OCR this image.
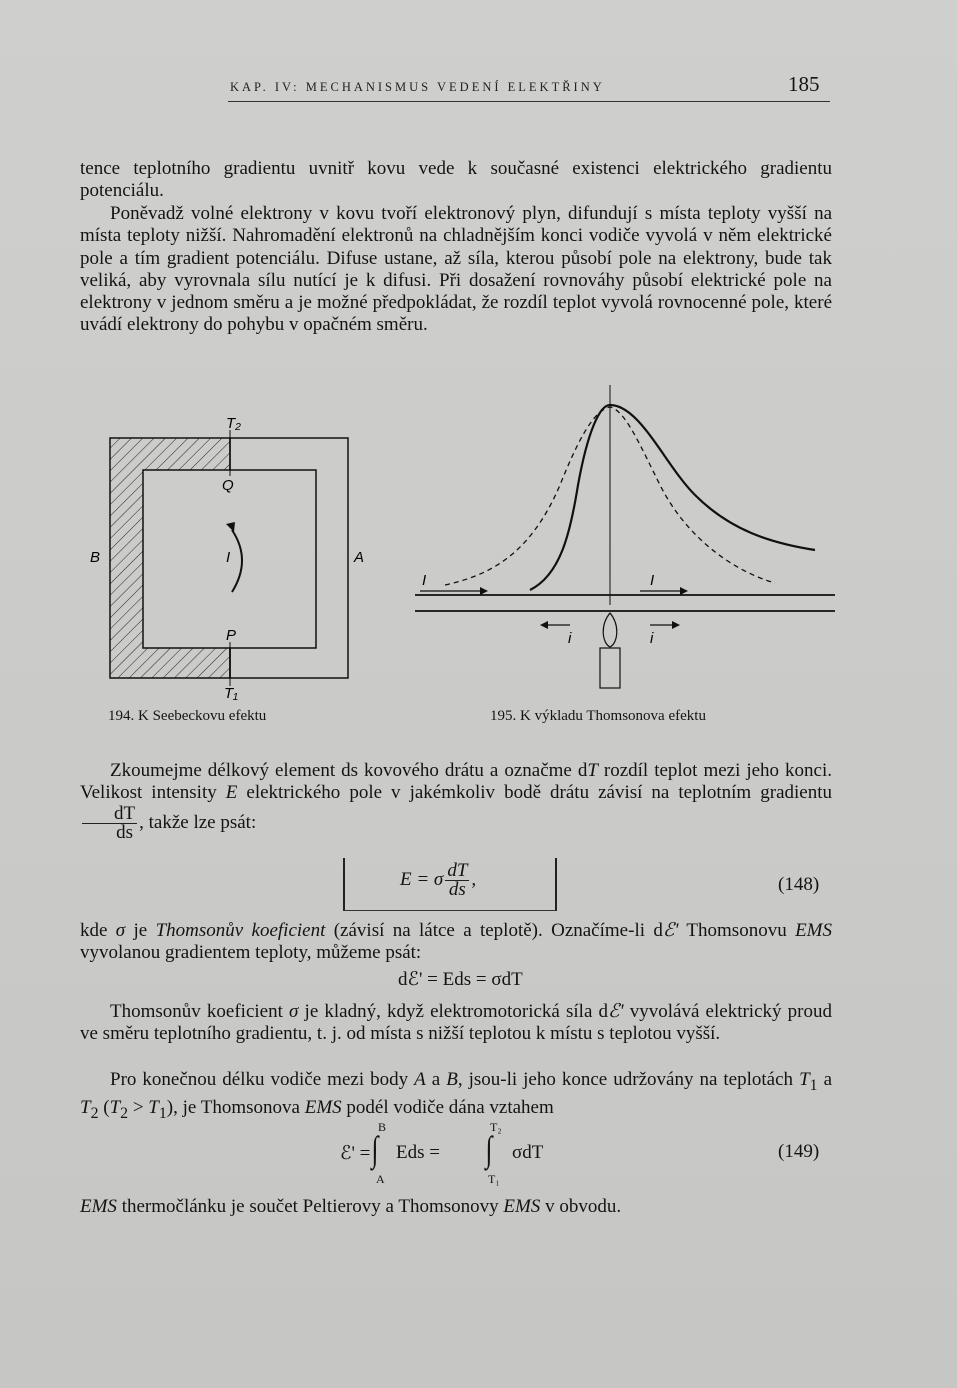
KAP. IV: MECHANISMUS VEDENÍ ELEKTŘINY	185
tence teplotního gradientu uvnitř kovu vede k současné existenci elektrického gradientu potenciálu.
Poněvadž volné elektrony v kovu tvoří elektronový plyn, difundují s místa teploty vyšší na místa teploty nižší. Nahromadění elektronů na chladnějším konci vodiče vyvolá v něm elektrické pole a tím gradient potenciálu. Difuse ustane, až síla, kterou působí pole na elektrony, bude tak veliká, aby vyrovnala sílu nutící je k difusi. Při dosažení rovnováhy působí elektrické pole na elektrony v jednom směru a je možné předpokládat, že rozdíl teplot vyvolá rovnocenné pole, které uvádí elektrony do pohybu v opačném směru.
T₂
Q
B	A
I
P
T₁
I	I
i	i
194. K Seebeckovu efektu	195. K výkladu Thomsonova efektu
Zkoumejme délkový element ds kovového drátu a označme dT rozdíl teplot mezi jeho konci. Velikost intensity E elektrického pole v jakémkoliv bodě drátu závisí na teplotním gradientu
$\frac{dT}{ds}$ , takže lze psát:
E = σ $\frac{dT}{ds}$ ,	(148)
kde σ je Thomsonův koeficient (závisí na látce a teplotě). Označíme-li dℰ' Thomsonovu EMS vyvolanou gradientem teploty, můžeme psát:
dℰ' = Eds = σdT
Thomsonův koeficient σ je kladný, když elektromotorická síla dℰ' vyvolává elektrický proud ve směru teplotního gradientu, t. j. od místa s nižší teplotou k místu s teplotou vyšší.
Pro konečnou délku vodiče mezi body A a B, jsou-li jeho konce udržovány na teplotách $T_1$ a $T_2$ $(T_2 > T_1)$, je Thomsonova EMS podél vodiče dána vztahem
ℰ' =
B
∫
A
Eds =
T₂
∫
T₁
σdT	(149)
EMS thermočlánku je součet Peltierovy a Thomsonovy EMS v obvodu.
